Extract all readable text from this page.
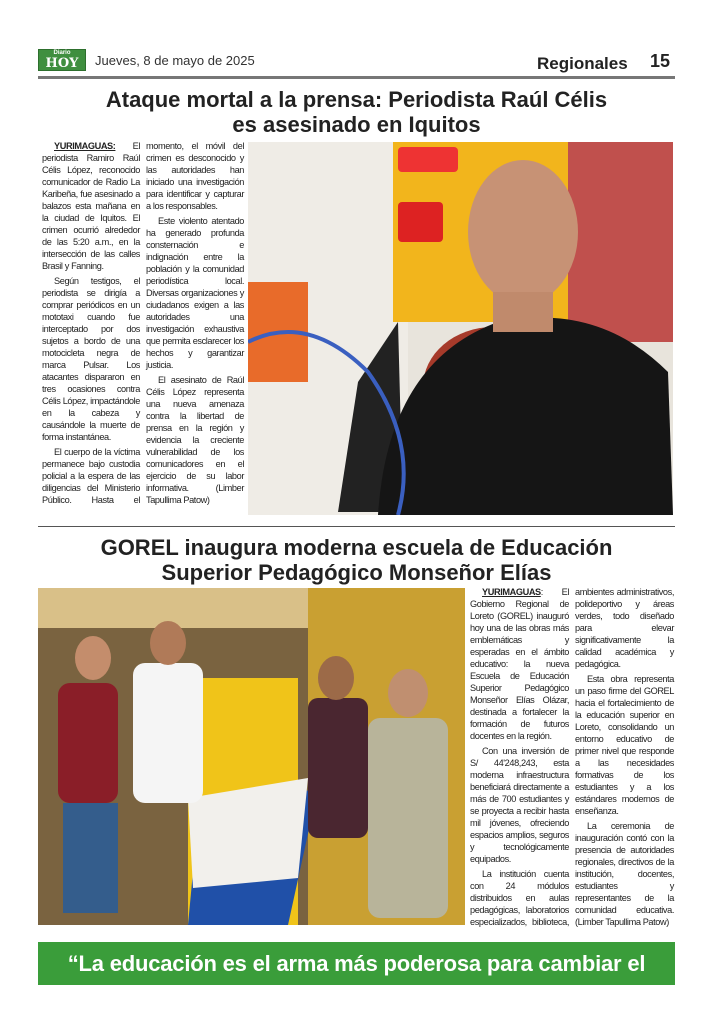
Diario
HOY	Jueves, 8 de mayo de 2025	Regionales 15
Ataque mortal a la prensa: Periodista Raúl Célis
es asesinado en Iquitos

YURIMAGUAS: El periodista Ramiro Raúl Célis López, reconocido comunicador de Radio La Karibeña, fue asesinado a balazos esta mañana en la ciudad de Iquitos. El crimen ocurrió alrededor de las 5:20 a.m., en la intersección de las calles Brasil y Fanning.

Según testigos, el periodista se dirigía a comprar periódicos en un mototaxi cuando fue interceptado por dos sujetos a bordo de una motocicleta negra de marca Pulsar. Los atacantes dispararon en tres ocasiones contra Célis López, impactándole en la cabeza y causándole la muerte de forma instantánea.

El cuerpo de la víctima permanece bajo custodia policial a la espera de las diligencias del Ministerio Público. Hasta el momento, el móvil del crimen es desconocido y las autoridades han iniciado una investigación para identificar y capturar a los responsables.

Este violento atentado ha generado profunda consternación e indignación entre la población y la comunidad periodística local. Diversas organizaciones y ciudadanos exigen a las autoridades una investigación exhaustiva que permita esclarecer los hechos y garantizar justicia.

El asesinato de Raúl Célis López representa una nueva amenaza contra la libertad de prensa en la región y evidencia la creciente vulnerabilidad de los comunicadores en el ejercicio de su labor informativa. (Limber Tapullima Patow)

GOREL inaugura moderna escuela de Educación
Superior Pedagógico Monseñor Elías

YURIMAGUAS: El Gobierno Regional de Loreto (GOREL) inauguró hoy una de las obras más emblemáticas y esperadas en el ámbito educativo: la nueva Escuela de Educación Superior Pedagógico Monseñor Elías Olázar, destinada a fortalecer la formación de futuros docentes en la región.

Con una inversión de S/ 44'248,243, esta moderna infraestructura beneficiará directamente a más de 700 estudiantes y se proyecta a recibir hasta mil jóvenes, ofreciendo espacios amplios, seguros y tecnológicamente equipados.

La institución cuenta con 24 módulos distribuidos en aulas pedagógicas, laboratorios especializados, biblioteca, ambientes administrativos, polideportivo y áreas verdes, todo diseñado para elevar significativamente la calidad académica y pedagógica.

Esta obra representa un paso firme del GOREL hacia el fortalecimiento de la educación superior en Loreto, consolidando un entorno educativo de primer nivel que responde a las necesidades formativas de los estudiantes y a los estándares modernos de enseñanza.

La ceremonia de inauguración contó con la presencia de autoridades regionales, directivos de la institución, docentes, estudiantes y representantes de la comunidad educativa. (Limber Tapullima Patow)

“La educación es el arma más poderosa para cambiar el mundo”
